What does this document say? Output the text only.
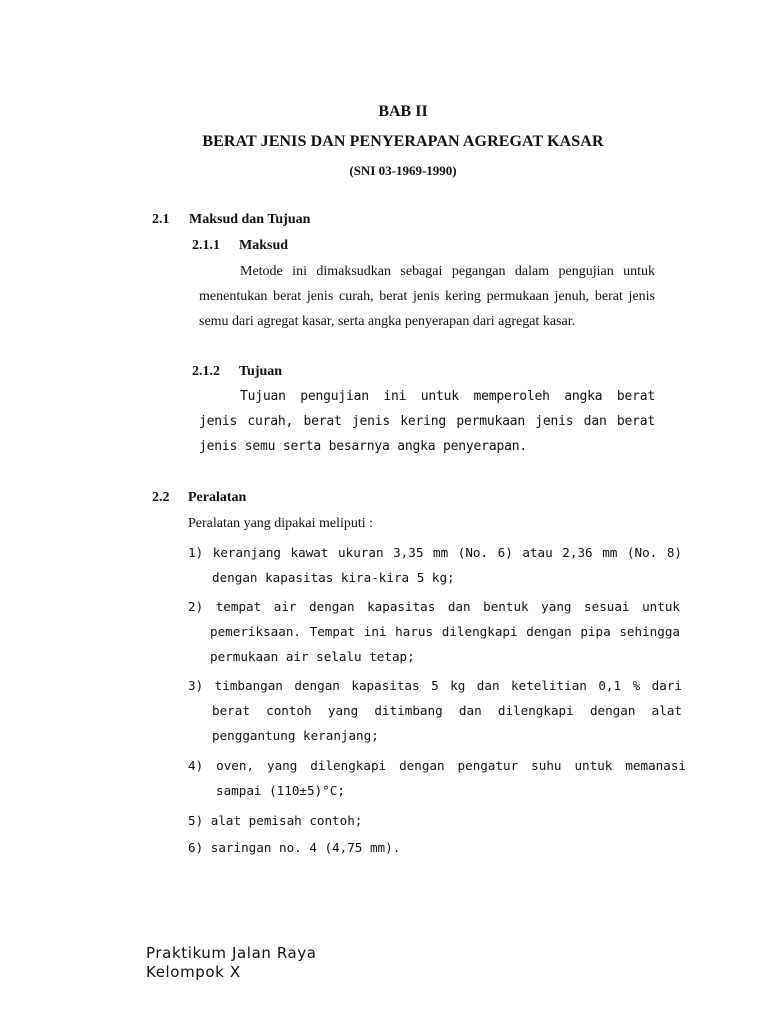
BAB II
BERAT JENIS DAN PENYERAPAN AGREGAT KASAR
(SNI 03-1969-1990)
2.1 Maksud dan Tujuan
2.1.1 Maksud

Metode ini dimaksudkan sebagai pegangan dalam pengujian untuk menentukan berat jenis curah, berat jenis kering permukaan jenuh, berat jenis semu dari agregat kasar, serta angka penyerapan dari agregat kasar.

2.1.2 Tujuan

Tujuan pengujian ini untuk memperoleh angka berat jenis curah, berat jenis kering permukaan jenis dan berat jenis semu serta besarnya angka penyerapan.

2.2 Peralatan
Peralatan yang dipakai meliputi :
1) keranjang kawat ukuran 3,35 mm (No. 6) atau 2,36 mm (No. 8) dengan kapasitas kira-kira 5 kg;
2) tempat air dengan kapasitas dan bentuk yang sesuai untuk pemeriksaan. Tempat ini harus dilengkapi dengan pipa sehingga permukaan air selalu tetap;
3) timbangan dengan kapasitas 5 kg dan ketelitian 0,1 % dari berat contoh yang ditimbang dan dilengkapi dengan alat penggantung keranjang;
4) oven, yang dilengkapi dengan pengatur suhu untuk memanasi sampai (110±5)°C;
5) alat pemisah contoh;
6) saringan no. 4 (4,75 mm).
Praktikum Jalan Raya
Kelompok X
